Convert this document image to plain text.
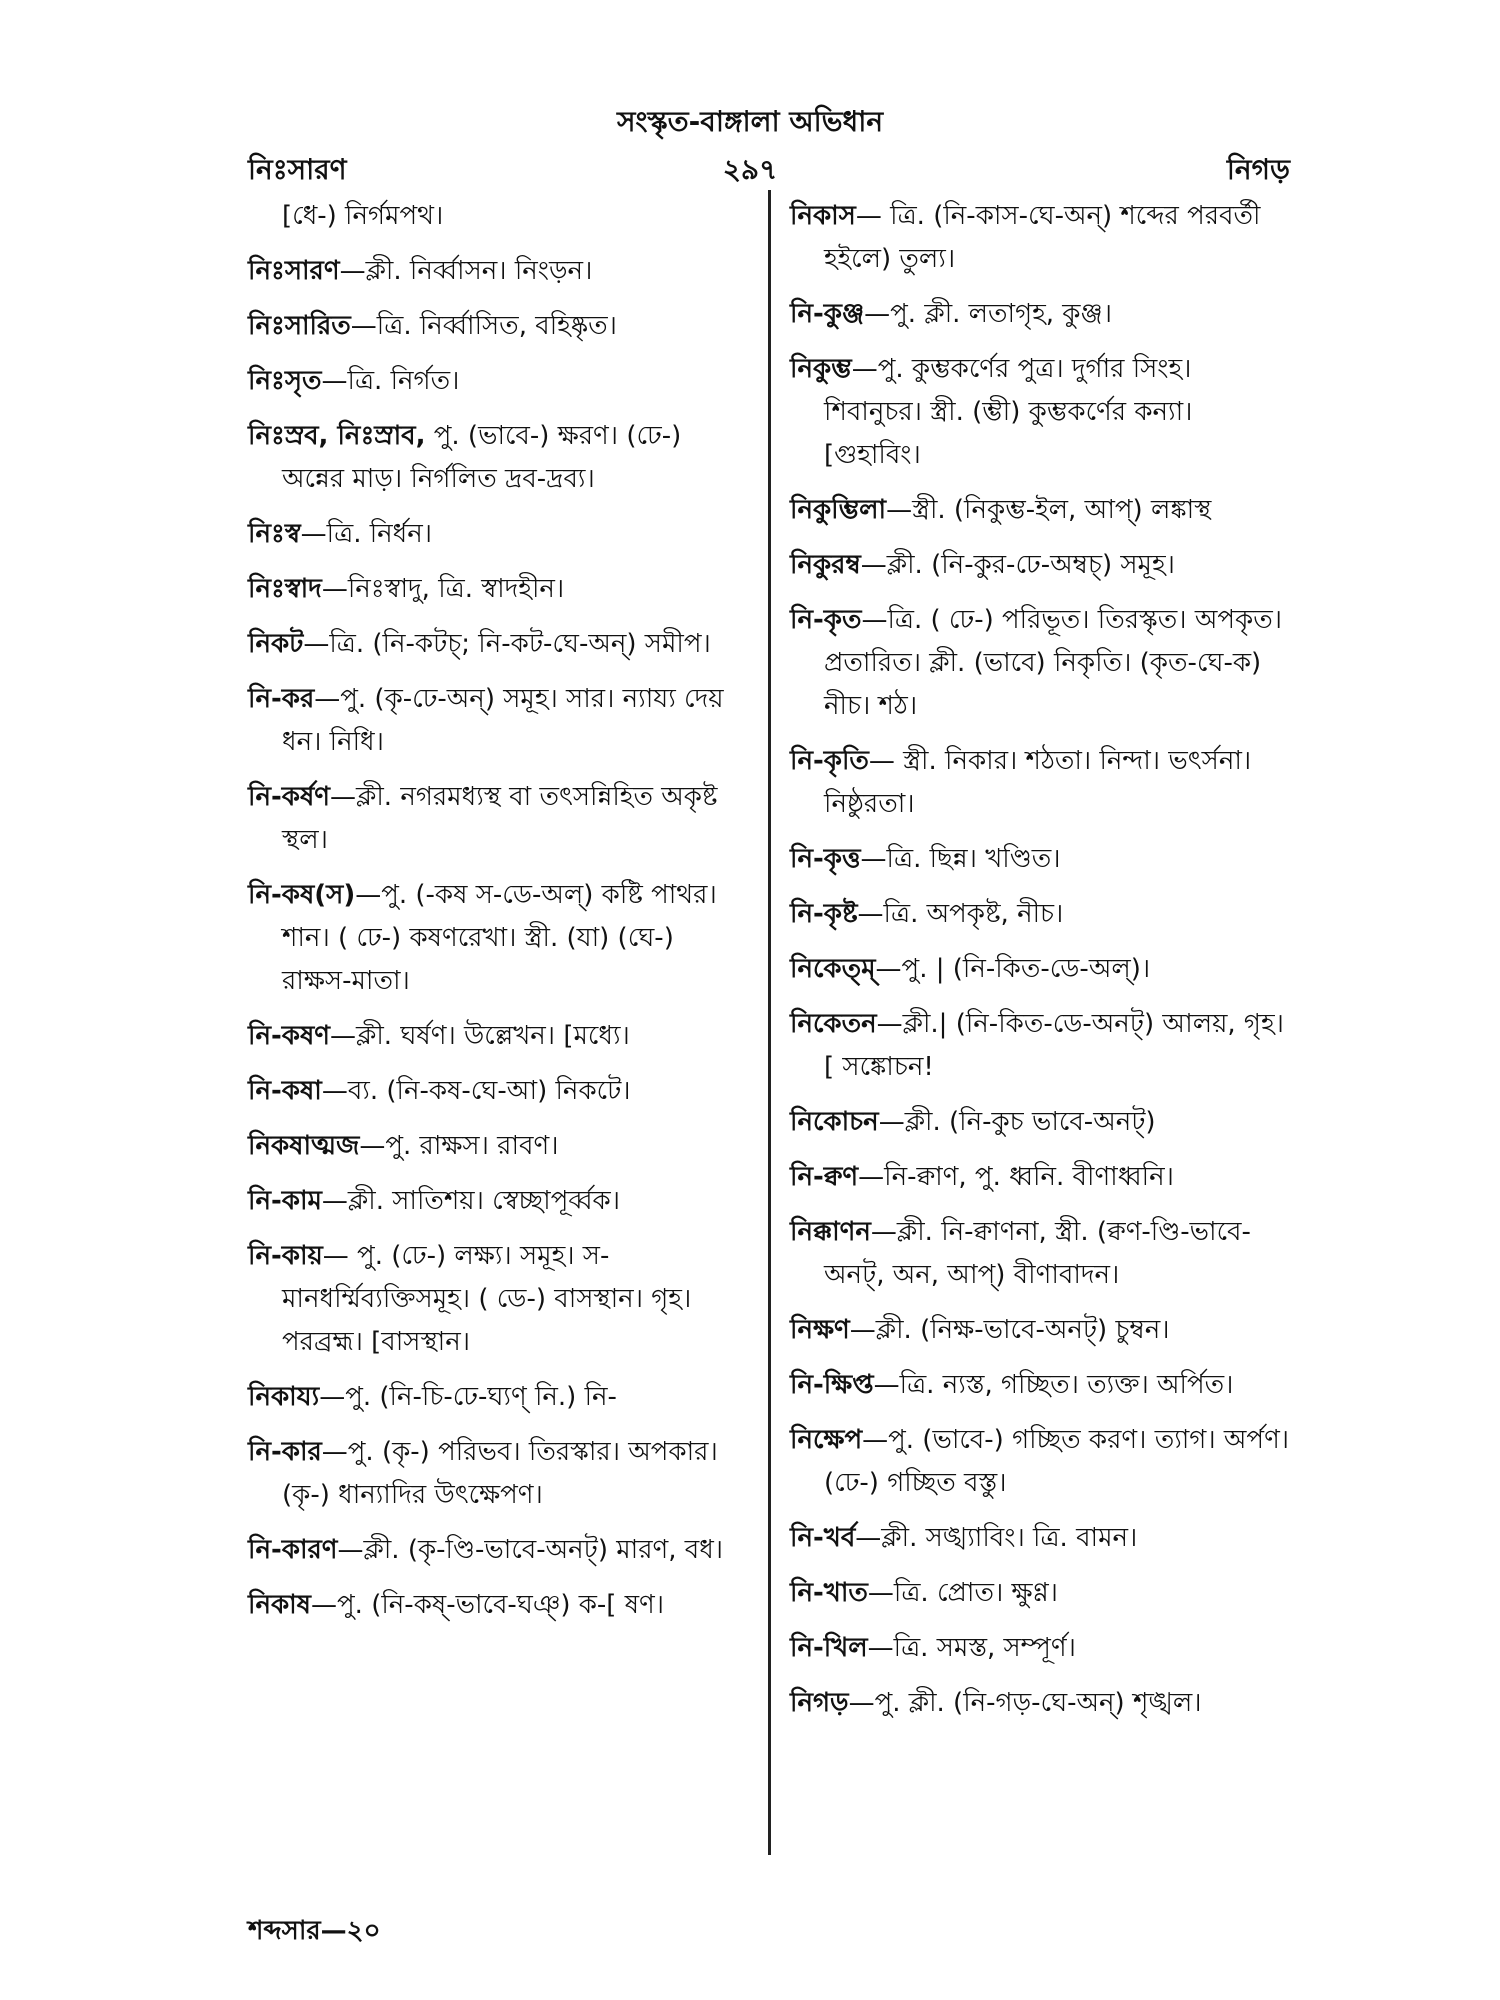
সংস্কৃত-বাঙ্গালা অভিধান
নিঃসারণ	২৯৭	নিগড়
[ধে-) নির্গমপথ।
নিঃসারণ—ক্লী. নির্ব্বাসন। নিংড়ন।
নিঃসারিত—ত্রি. নির্ব্বাসিত, বহিষ্কৃত।
নিঃসৃত—ত্রি. নির্গত।
নিঃস্রব, নিঃস্রাব, পু. (ভাবে-) ক্ষরণ। (ঢে-) অন্নের মাড়। নির্গলিত দ্রব-দ্রব্য।
নিঃস্ব—ত্রি. নির্ধন।
নিঃস্বাদ—নিঃস্বাদু, ত্রি. স্বাদহীন।
নিকট—ত্রি. (নি-কটচ্; নি-কট-ঘে-অন্) সমীপ।
নি-কর—পু. (কৃ-ঢে-অন্) সমূহ। সার। ন্যায্য দেয় ধন। নিধি।
নি-কর্ষণ—ক্লী. নগরমধ্যস্থ বা তৎসন্নিহিত অকৃষ্ট স্থল।
নি-কষ(স)—পু. (-কষ স-ডে-অল্) কষ্টি পাথর। শান। ( ঢে-) কষণরেখা। স্ত্রী. (যা) (ঘে-) রাক্ষস-মাতা।
নি-কষণ—ক্লী. ঘর্ষণ। উল্লেখন। [মধ্যে।
নি-কষা—ব্য. (নি-কষ-ঘে-আ) নিকটে।
নিকষাত্মজ—পু. রাক্ষস। রাবণ।
নি-কাম—ক্লী. সাতিশয়। স্বেচ্ছাপূর্ব্বক।
নি-কায়— পু. (ঢে-) লক্ষ্য। সমূহ। স-মানধর্ম্মিব্যক্তিসমূহ। ( ডে-) বাসস্থান। গৃহ। পরব্রহ্ম। [বাসস্থান।
নিকায্য—পু. (নি-চি-ঢে-ঘ্যণ্ নি.) নি-
নি-কার—পু. (কৃ-) পরিভব। তিরস্কার। অপকার। (কৃ-) ধান্যাদির উৎক্ষেপণ।
নি-কারণ—ক্লী. (কৃ-ণ্ডি-ভাবে-অনট্) মারণ, বধ।
নিকাষ—পু. (নি-কষ্-ভাবে-ঘঞ্) ক-[ ষণ।
নিকাস— ত্রি. (নি-কাস-ঘে-অন্) শব্দের পরবর্তী হইলে) তুল্য।
নি-কুঞ্জ—পু. ক্লী. লতাগৃহ, কুঞ্জ।
নিকুম্ভ—পু. কুম্ভকর্ণের পুত্র। দুর্গার সিংহ। শিবানুচর। স্ত্রী. (ম্ভী) কুম্ভকর্ণের কন্যা। [গুহাবিং।
নিকুম্ভিলা—স্ত্রী. (নিকুম্ভ-ইল, আপ্) লঙ্কাস্থ
নিকুরম্ব—ক্লী. (নি-কুর-ঢে-অম্বচ্) সমূহ।
নি-কৃত—ত্রি. ( ঢে-) পরিভূত। তিরস্কৃত। অপকৃত। প্রতারিত। ক্লী. (ভাবে) নিকৃতি। (কৃত-ঘে-ক) নীচ। শঠ।
নি-কৃতি— স্ত্রী. নিকার। শঠতা। নিন্দা। ভৎর্সনা। নিষ্ঠুরতা।
নি-কৃত্ত—ত্রি. ছিন্ন। খণ্ডিত।
নি-কৃষ্ট—ত্রি. অপকৃষ্ট, নীচ।
নিকেত্ম্—পু. | (নি-কিত-ডে-অল্)।
নিকেতন—ক্লী.| (নি-কিত-ডে-অনট্) আলয়, গৃহ। [ সঙ্কোচন!
নিকোচন—ক্লী. (নি-কুচ ভাবে-অনট্)
নি-ক্বণ—নি-ক্বাণ, পু. ধ্বনি. বীণাধ্বনি।
নিক্কাণন—ক্লী. নি-ক্বাণনা, স্ত্রী. (ক্বণ-ণ্ডি-ভাবে-অনট্, অন, আপ্) বীণাবাদন।
নিক্ষণ—ক্লী. (নিক্ষ-ভাবে-অনট্) চুম্বন।
নি-ক্ষিপ্ত—ত্রি. ন্যস্ত, গচ্ছিত। ত্যক্ত। অর্পিত।
নিক্ষেপ—পু. (ভাবে-) গচ্ছিত করণ। ত্যাগ। অর্পণ। (ঢে-) গচ্ছিত বস্তু।
নি-খর্ব—ক্লী. সঙ্খ্যাবিং। ত্রি. বামন।
নি-খাত—ত্রি. প্রোত। ক্ষুণ্ণ।
নি-খিল—ত্রি. সমস্ত, সম্পূর্ণ।
নিগড়—পু. ক্লী. (নি-গড়-ঘে-অন্) শৃঙ্খল।
শব্দসার—২০
